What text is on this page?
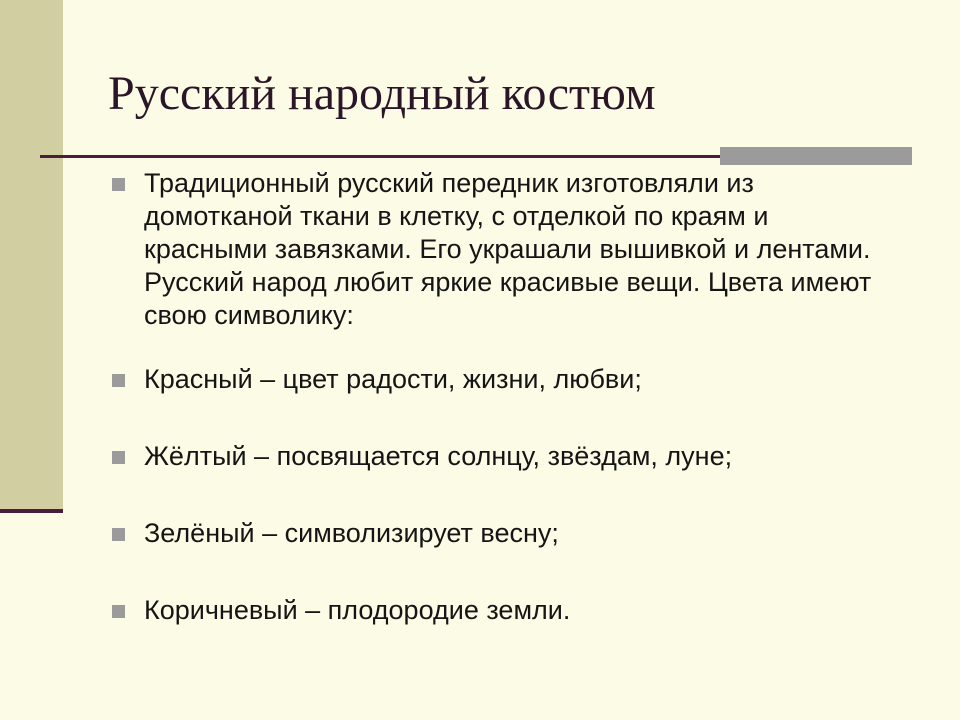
Русский народный костюм
Традиционный русский передник изготовляли из домотканой ткани в клетку, с отделкой по краям и красными завязками. Его украшали вышивкой и лентами. Русский народ любит яркие красивые вещи. Цвета имеют свою символику:
Красный – цвет радости, жизни, любви;
Жёлтый – посвящается солнцу, звёздам, луне;
Зелёный – символизирует весну;
Коричневый – плодородие земли.
